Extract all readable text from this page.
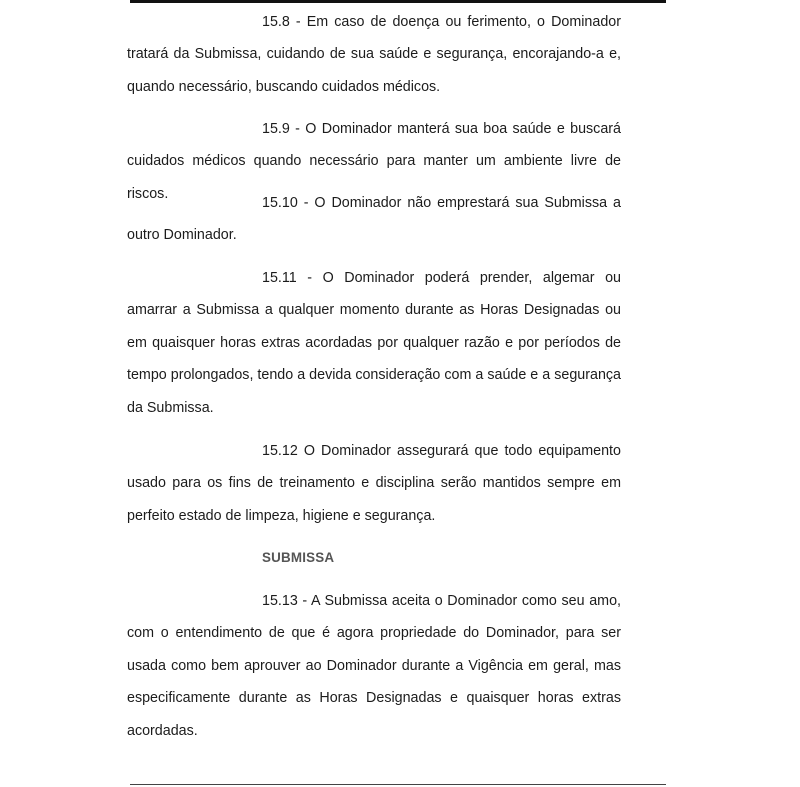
15.8 - Em caso de doença ou ferimento, o Dominador tratará da Submissa, cuidando de sua saúde e segurança, encorajando-a e, quando necessário, buscando cuidados médicos.

15.9 - O Dominador manterá sua boa saúde e buscará cuidados médicos quando necessário para manter um ambiente livre de riscos.

15.10 - O Dominador não emprestará sua Submissa a outro Dominador.

15.11 - O Dominador poderá prender, algemar ou amarrar a Submissa a qualquer momento durante as Horas Designadas ou em quaisquer horas extras acordadas por qualquer razão e por períodos de tempo prolongados, tendo a devida consideração com a saúde e a segurança da Submissa.

15.12 O Dominador assegurará que todo equipamento usado para os fins de treinamento e disciplina serão mantidos sempre em perfeito estado de limpeza, higiene e segurança.

SUBMISSA

15.13 - A Submissa aceita o Dominador como seu amo, com o entendimento de que é agora propriedade do Dominador, para ser usada como bem aprouver ao Dominador durante a Vigência em geral, mas especificamente durante as Horas Designadas e quaisquer horas extras acordadas.
